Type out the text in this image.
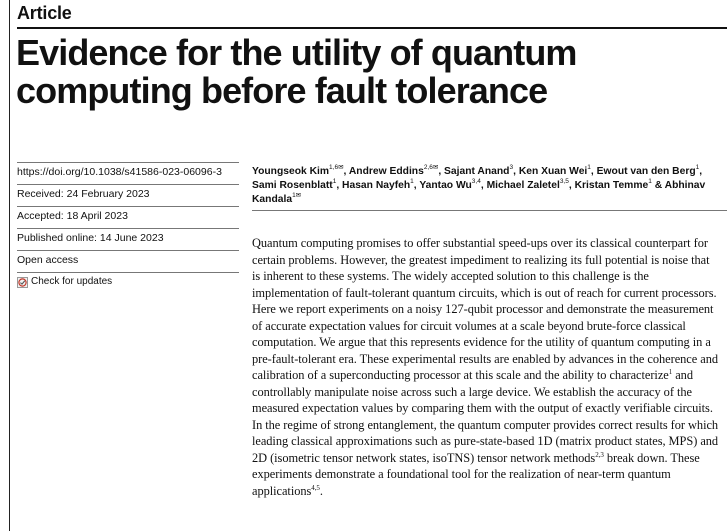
Article
Evidence for the utility of quantum computing before fault tolerance
https://doi.org/10.1038/s41586-023-06096-3
Received: 24 February 2023
Accepted: 18 April 2023
Published online: 14 June 2023
Open access
Check for updates
Youngseok Kim$^{1,6✉}$, Andrew Eddins$^{2,6✉}$, Sajant Anand$^3$, Ken Xuan Wei$^1$, Ewout van den Berg$^1$, Sami Rosenblatt$^1$, Hasan Nayfeh$^1$, Yantao Wu$^{3,4}$, Michael Zaletel$^{3,5}$, Kristan Temme$^1$ & Abhinav Kandala$^{1✉}$

Quantum computing promises to offer substantial speed-ups over its classical counterpart for certain problems. However, the greatest impediment to realizing its full potential is noise that is inherent to these systems. The widely accepted solution to this challenge is the implementation of fault-tolerant quantum circuits, which is out of reach for current processors. Here we report experiments on a noisy 127-qubit processor and demonstrate the measurement of accurate expectation values for circuit volumes at a scale beyond brute-force classical computation. We argue that this represents evidence for the utility of quantum computing in a pre-fault-tolerant era. These experimental results are enabled by advances in the coherence and calibration of a superconducting processor at this scale and the ability to characterize$^1$ and controllably manipulate noise across such a large device. We establish the accuracy of the measured expectation values by comparing them with the output of exactly verifiable circuits. In the regime of strong entanglement, the quantum computer provides correct results for which leading classical approximations such as pure-state-based 1D (matrix product states, MPS) and 2D (isometric tensor network states, isoTNS) tensor network methods$^{2,3}$ break down. These experiments demonstrate a foundational tool for the realization of near-term quantum applications$^{4,5}$.
